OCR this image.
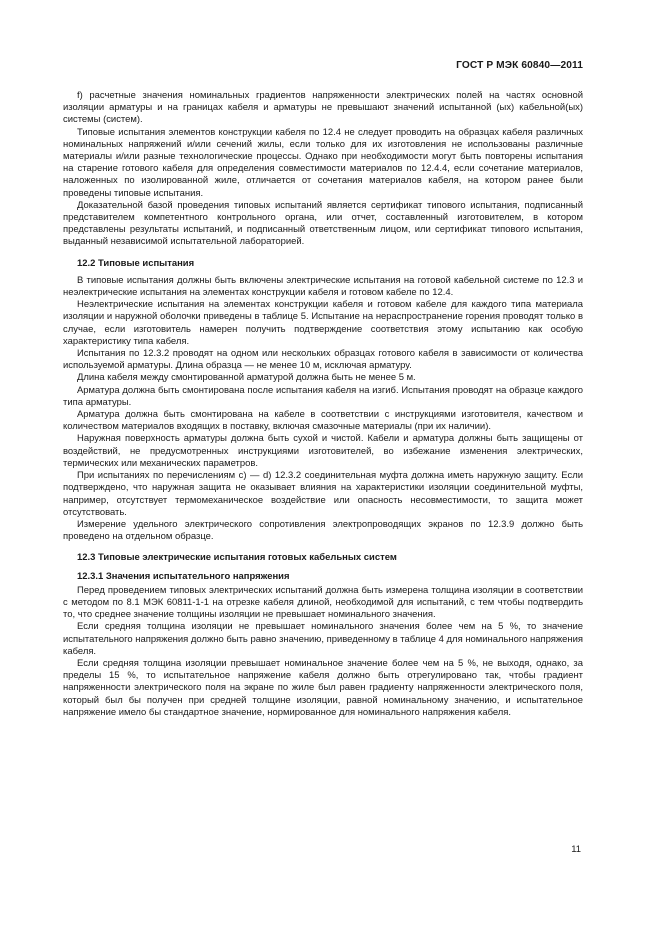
ГОСТ Р МЭК 60840—2011

f) расчетные значения номинальных градиентов напряженности электрических полей на частях основной изоляции арматуры и на границах кабеля и арматуры не превышают значений испытанной (ых) кабельной(ых) системы (систем).

Типовые испытания элементов конструкции кабеля по 12.4 не следует проводить на образцах кабеля различных номинальных напряжений и/или сечений жилы, если только для их изготовления не использованы различные материалы и/или разные технологические процессы. Однако при необходимости могут быть повторены испытания на старение готового кабеля для определения совместимости материалов по 12.4.4, если сочетание материалов, наложенных по изолированной жиле, отличается от сочетания материалов кабеля, на котором ранее были проведены типовые испытания.

Доказательной базой проведения типовых испытаний является сертификат типового испытания, подписанный представителем компетентного контрольного органа, или отчет, составленный изготовителем, в котором представлены результаты испытаний, и подписанный ответственным лицом, или сертификат типового испытания, выданный независимой испытательной лабораторией.

12.2 Типовые испытания

В типовые испытания должны быть включены электрические испытания на готовой кабельной системе по 12.3 и неэлектрические испытания на элементах конструкции кабеля и готовом кабеле по 12.4.

Неэлектрические испытания на элементах конструкции кабеля и готовом кабеле для каждого типа материала изоляции и наружной оболочки приведены в таблице 5. Испытание на нераспространение горения проводят только в случае, если изготовитель намерен получить подтверждение соответствия этому испытанию как особую характеристику типа кабеля.

Испытания по 12.3.2 проводят на одном или нескольких образцах готового кабеля в зависимости от количества используемой арматуры. Длина образца — не менее 10 м, исключая арматуру.

Длина кабеля между смонтированной арматурой должна быть не менее 5 м.

Арматура должна быть смонтирована после испытания кабеля на изгиб. Испытания проводят на образце каждого типа арматуры.

Арматура должна быть смонтирована на кабеле в соответствии с инструкциями изготовителя, качеством и количеством материалов входящих в поставку, включая смазочные материалы (при их наличии).

Наружная поверхность арматуры должна быть сухой и чистой. Кабели и арматура должны быть защищены от воздействий, не предусмотренных инструкциями изготовителей, во избежание изменения электрических, термических или механических параметров.

При испытаниях по перечислениям с) — d) 12.3.2 соединительная муфта должна иметь наружную защиту. Если подтверждено, что наружная защита не оказывает влияния на характеристики изоляции соединительной муфты, например, отсутствует термомеханическое воздействие или опасность несовместимости, то защита может отсутствовать.

Измерение удельного электрического сопротивления электропроводящих экранов по 12.3.9 должно быть проведено на отдельном образце.

12.3 Типовые электрические испытания готовых кабельных систем
12.3.1 Значения испытательного напряжения

Перед проведением типовых электрических испытаний должна быть измерена толщина изоляции в соответствии с методом по 8.1 МЭК 60811-1-1 на отрезке кабеля длиной, необходимой для испытаний, с тем чтобы подтвердить то, что среднее значение толщины изоляции не превышает номинального значения.

Если средняя толщина изоляции не превышает номинального значения более чем на 5 %, то значение испытательного напряжения должно быть равно значению, приведенному в таблице 4 для номинального напряжения кабеля.

Если средняя толщина изоляции превышает номинальное значение более чем на 5 %, не выходя, однако, за пределы 15 %, то испытательное напряжение кабеля должно быть отрегулировано так, чтобы градиент напряженности электрического поля на экране по жиле был равен градиенту напряженности электрического поля, который был бы получен при средней толщине изоляции, равной номинальному значению, и испытательное напряжение имело бы стандартное значение, нормированное для номинального напряжения кабеля.

11
